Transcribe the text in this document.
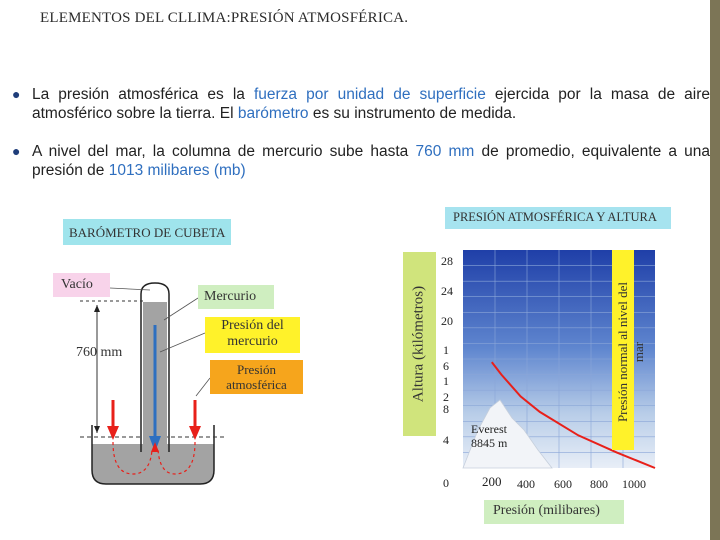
ELEMENTOS DEL CLLIMA:PRESIÓN ATMOSFÉRICA.
● La presión atmosférica es la fuerza por unidad de superficie ejercida por la masa de aire atmosférico sobre la tierra. El barómetro es su instrumento de medida.
● A nivel del mar, la columna de mercurio sube hasta 760 mm de promedio, equivalente a una presión de 1013 milibares (mb)
BARÓMETRO DE CUBETA
Vacío
Mercurio
Presión del
mercurio
Presión
atmosférica
760 mm
PRESIÓN ATMOSFÉRICA Y ALTURA
Altura (kilómetros)	Presión normal al nivel del mar
Everest
8845 m
28
24
20
1
6
1
2
8
4
0	200 400 600 800 1000
Presión (milibares)
